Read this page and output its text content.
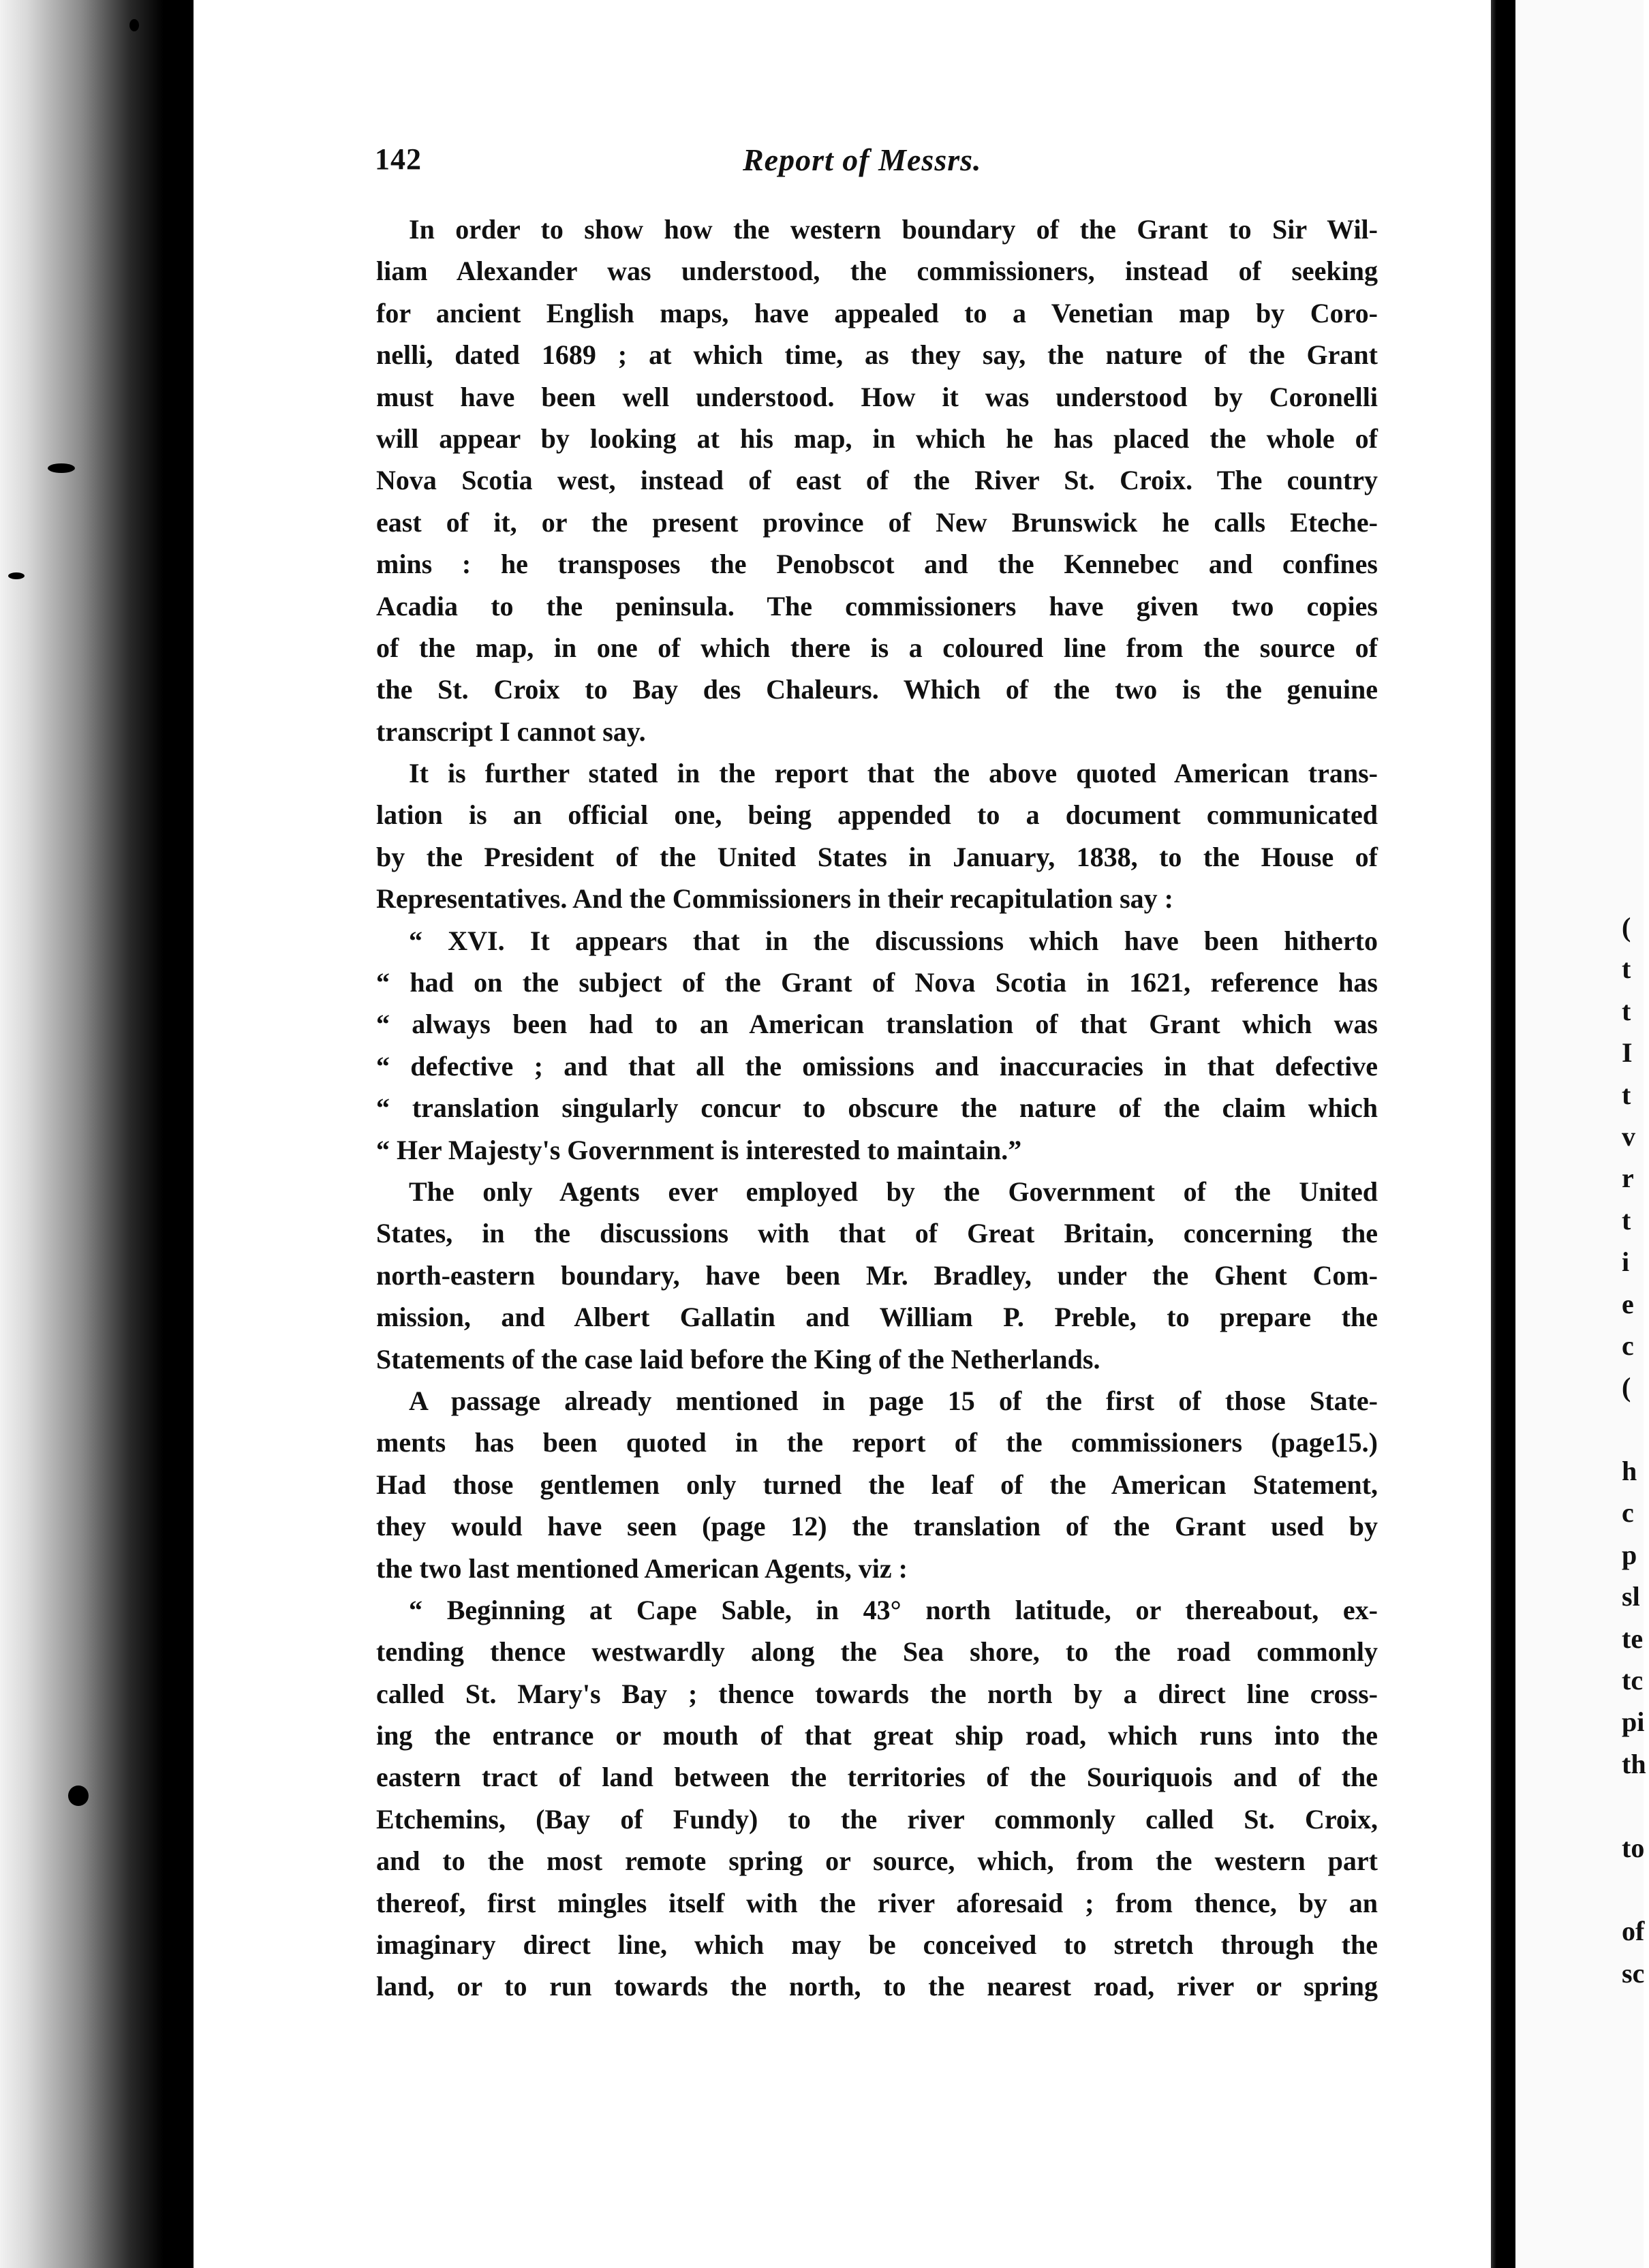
142	Report of Messrs.
In order to show how the western boundary of the Grant to Sir Wil-
liam Alexander was understood, the commissioners, instead of seeking
for ancient English maps, have appealed to a Venetian map by Coro-
nelli, dated 1689 ; at which time, as they say, the nature of the Grant
must have been well understood. How it was understood by Coronelli
will appear by looking at his map, in which he has placed the whole of
Nova Scotia west, instead of east of the River St. Croix. The country
east of it, or the present province of New Brunswick he calls Eteche-
mins : he transposes the Penobscot and the Kennebec and confines
Acadia to the peninsula. The commissioners have given two copies
of the map, in one of which there is a coloured line from the source of
the St. Croix to Bay des Chaleurs. Which of the two is the genuine
transcript I cannot say.
It is further stated in the report that the above quoted American trans-
lation is an official one, being appended to a document communicated
by the President of the United States in January, 1838, to the House of
Representatives. And the Commissioners in their recapitulation say :
“ XVI. It appears that in the discussions which have been hitherto
“ had on the subject of the Grant of Nova Scotia in 1621, reference has
“ always been had to an American translation of that Grant which was
“ defective ; and that all the omissions and inaccuracies in that defective
“ translation singularly concur to obscure the nature of the claim which
“ Her Majesty's Government is interested to maintain.”
The only Agents ever employed by the Government of the United
States, in the discussions with that of Great Britain, concerning the
north-eastern boundary, have been Mr. Bradley, under the Ghent Com-
mission, and Albert Gallatin and William P. Preble, to prepare the
Statements of the case laid before the King of the Netherlands.
A passage already mentioned in page 15 of the first of those State-
ments has been quoted in the report of the commissioners (page15.)
Had those gentlemen only turned the leaf of the American Statement,
they would have seen (page 12) the translation of the Grant used by
the two last mentioned American Agents, viz :
“ Beginning at Cape Sable, in 43° north latitude, or thereabout, ex-
tending thence westwardly along the Sea shore, to the road commonly
called St. Mary's Bay ; thence towards the north by a direct line cross-
ing the entrance or mouth of that great ship road, which runs into the
eastern tract of land between the territories of the Souriquois and of the
Etchemins, (Bay of Fundy) to the river commonly called St. Croix,
and to the most remote spring or source, which, from the western part
thereof, first mingles itself with the river aforesaid ; from thence, by an
imaginary direct line, which may be conceived to stretch through the
land, or to run towards the north, to the nearest road, river or spring
(
t
t
I
t
v
r
t
i
e
c
(
h
c
p
sl
te
tc
pi
th
to
of
sc
